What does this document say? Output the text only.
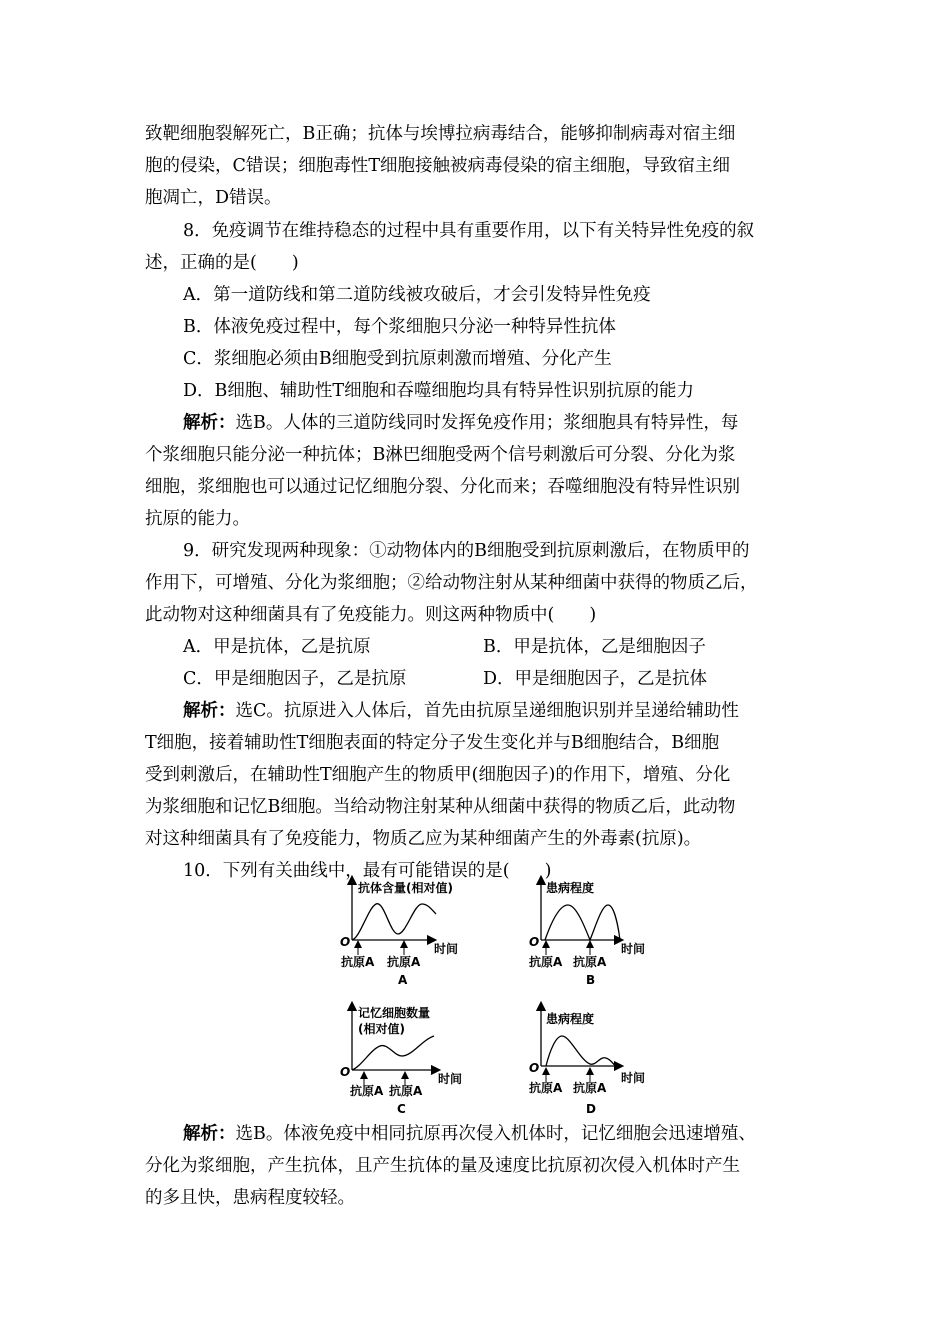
致靶细胞裂解死亡，B正确；抗体与埃博拉病毒结合，能够抑制病毒对宿主细
胞的侵染，C错误；细胞毒性T细胞接触被病毒侵染的宿主细胞，导致宿主细
胞凋亡，D错误。
8．免疫调节在维持稳态的过程中具有重要作用，以下有关特异性免疫的叙
述，正确的是(　　)
A．第一道防线和第二道防线被攻破后，才会引发特异性免疫
B．体液免疫过程中，每个浆细胞只分泌一种特异性抗体
C．浆细胞必须由B细胞受到抗原刺激而增殖、分化产生
D．B细胞、辅助性T细胞和吞噬细胞均具有特异性识别抗原的能力
解析：选B。人体的三道防线同时发挥免疫作用；浆细胞具有特异性，每
个浆细胞只能分泌一种抗体；B淋巴细胞受两个信号刺激后可分裂、分化为浆
细胞，浆细胞也可以通过记忆细胞分裂、分化而来；吞噬细胞没有特异性识别
抗原的能力。
9．研究发现两种现象：①动物体内的B细胞受到抗原刺激后，在物质甲的
作用下，可增殖、分化为浆细胞；②给动物注射从某种细菌中获得的物质乙后，
此动物对这种细菌具有了免疫能力。则这两种物质中(　　)
A．甲是抗体，乙是抗原	B．甲是抗体，乙是细胞因子
C．甲是细胞因子，乙是抗原	D．甲是细胞因子，乙是抗体
解析：选C。抗原进入人体后，首先由抗原呈递细胞识别并呈递给辅助性
T细胞，接着辅助性T细胞表面的特定分子发生变化并与B细胞结合，B细胞
受到刺激后，在辅助性T细胞产生的物质甲(细胞因子)的作用下，增殖、分化
为浆细胞和记忆B细胞。当给动物注射某种从细菌中获得的物质乙后，此动物
对这种细菌具有了免疫能力，物质乙应为某种细菌产生的外毒素(抗原)。
10．下列有关曲线中，最有可能错误的是(　　)
抗体含量(相对值)
O	时间
抗原A 抗原A
A
患病程度
O	时间
抗原A 抗原A
B
记忆细胞数量
(相对值)
O	时间
抗原A 抗原A
C
患病程度
O
时间
抗原A 抗原A
D
解析：选B。体液免疫中相同抗原再次侵入机体时，记忆细胞会迅速增殖、
分化为浆细胞，产生抗体，且产生抗体的量及速度比抗原初次侵入机体时产生
的多且快，患病程度较轻。
